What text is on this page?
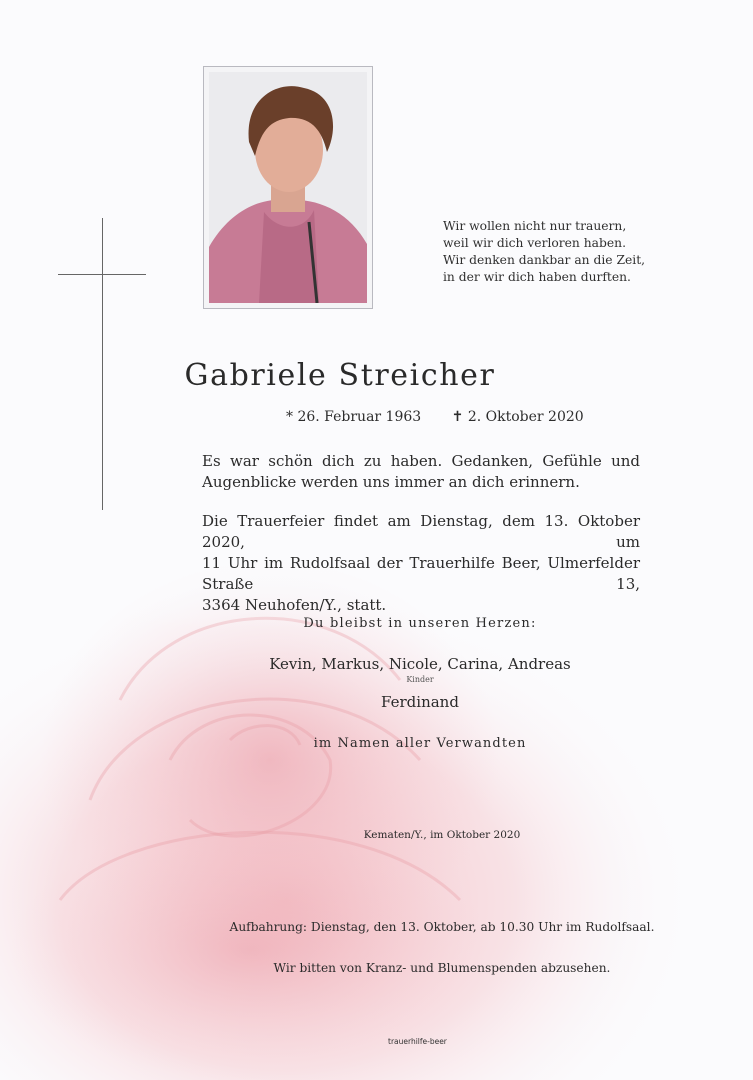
Wir wollen nicht nur trauern,
weil wir dich verloren haben.
Wir denken dankbar an die Zeit,
in der wir dich haben durften.
Gabriele Streicher
* 26. Februar 1963 ✝ 2. Oktober 2020
Es war schön dich zu haben. Gedanken, Gefühle und Augenblicke werden uns immer an dich erinnern.
Die Trauerfeier findet am Dienstag, dem 13. Oktober 2020, um
11 Uhr im Rudolfsaal der Trauerhilfe Beer, Ulmerfelder Straße 13,
3364 Neuhofen/Y., statt.
Du bleibst in unseren Herzen:
Kevin, Markus, Nicole, Carina, Andreas
Kinder
Ferdinand
im Namen aller Verwandten
Kematen/Y., im Oktober 2020
Aufbahrung: Dienstag, den 13. Oktober, ab 10.30 Uhr im Rudolfsaal.
Wir bitten von Kranz- und Blumenspenden abzusehen.
trauerhilfe-beer
